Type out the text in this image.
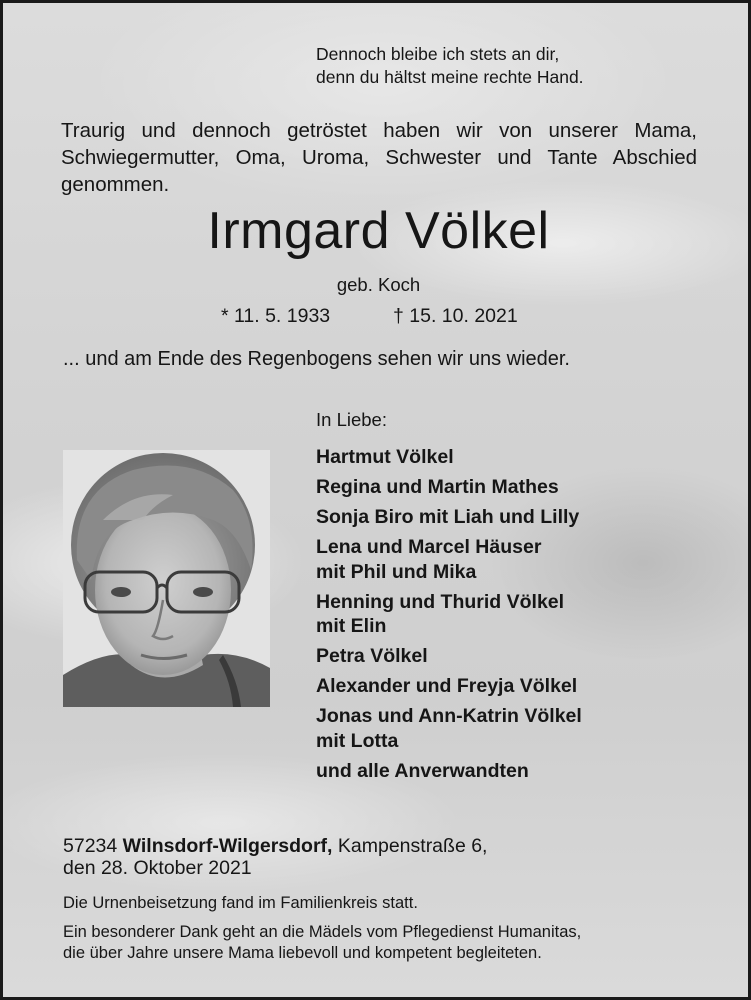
Dennoch bleibe ich stets an dir,
denn du hältst meine rechte Hand.

Traurig und dennoch getröstet haben wir von unserer Mama, Schwiegermutter, Oma, Uroma, Schwester und Tante Abschied genommen.

Irmgard Völkel
geb. Koch
* 11. 5. 1933	† 15. 10. 2021
... und am Ende des Regenbogens sehen wir uns wieder.
In Liebe:
Hartmut Völkel
Regina und Martin Mathes
Sonja Biro mit Liah und Lilly
Lena und Marcel Häuser
mit Phil und Mika
Henning und Thurid Völkel
mit Elin
Petra Völkel
Alexander und Freyja Völkel
Jonas und Ann-Katrin Völkel
mit Lotta
und alle Anverwandten
57234 Wilnsdorf-Wilgersdorf, Kampenstraße 6,
den 28. Oktober 2021
Die Urnenbeisetzung fand im Familienkreis statt.
Ein besonderer Dank geht an die Mädels vom Pflegedienst Humanitas,
die über Jahre unsere Mama liebevoll und kompetent begleiteten.
